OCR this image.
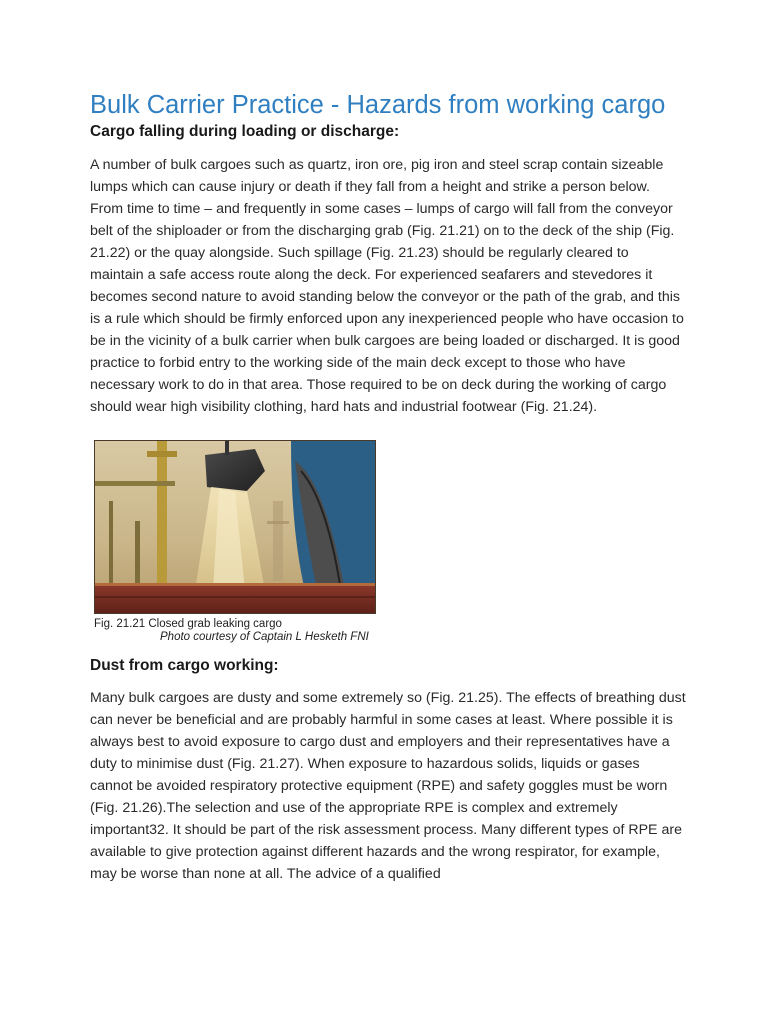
Bulk Carrier Practice - Hazards from working cargo
Cargo falling during loading or discharge:

A number of bulk cargoes such as quartz, iron ore, pig iron and steel scrap contain sizeable lumps which can cause injury or death if they fall from a height and strike a person below. From time to time – and frequently in some cases – lumps of cargo will fall from the conveyor belt of the shiploader or from the discharging grab (Fig. 21.21) on to the deck of the ship (Fig. 21.22) or the quay alongside. Such spillage (Fig. 21.23) should be regularly cleared to maintain a safe access route along the deck. For experienced seafarers and stevedores it becomes second nature to avoid standing below the conveyor or the path of the grab, and this is a rule which should be firmly enforced upon any inexperienced people who have occasion to be in the vicinity of a bulk carrier when bulk cargoes are being loaded or discharged. It is good practice to forbid entry to the working side of the main deck except to those who have necessary work to do in that area. Those required to be on deck during the working of cargo should wear high visibility clothing, hard hats and industrial footwear (Fig. 21.24).

Fig. 21.21 Closed grab leaking cargo
Photo courtesy of Captain L Hesketh FNI
Dust from cargo working:

Many bulk cargoes are dusty and some extremely so (Fig. 21.25). The effects of breathing dust can never be beneficial and are probably harmful in some cases at least. Where possible it is always best to avoid exposure to cargo dust and employers and their representatives have a duty to minimise dust (Fig. 21.27). When exposure to hazardous solids, liquids or gases cannot be avoided respiratory protective equipment (RPE) and safety goggles must be worn (Fig. 21.26).The selection and use of the appropriate RPE is complex and extremely important32. It should be part of the risk assessment process. Many different types of RPE are available to give protection against different hazards and the wrong respirator, for example, may be worse than none at all. The advice of a qualified
